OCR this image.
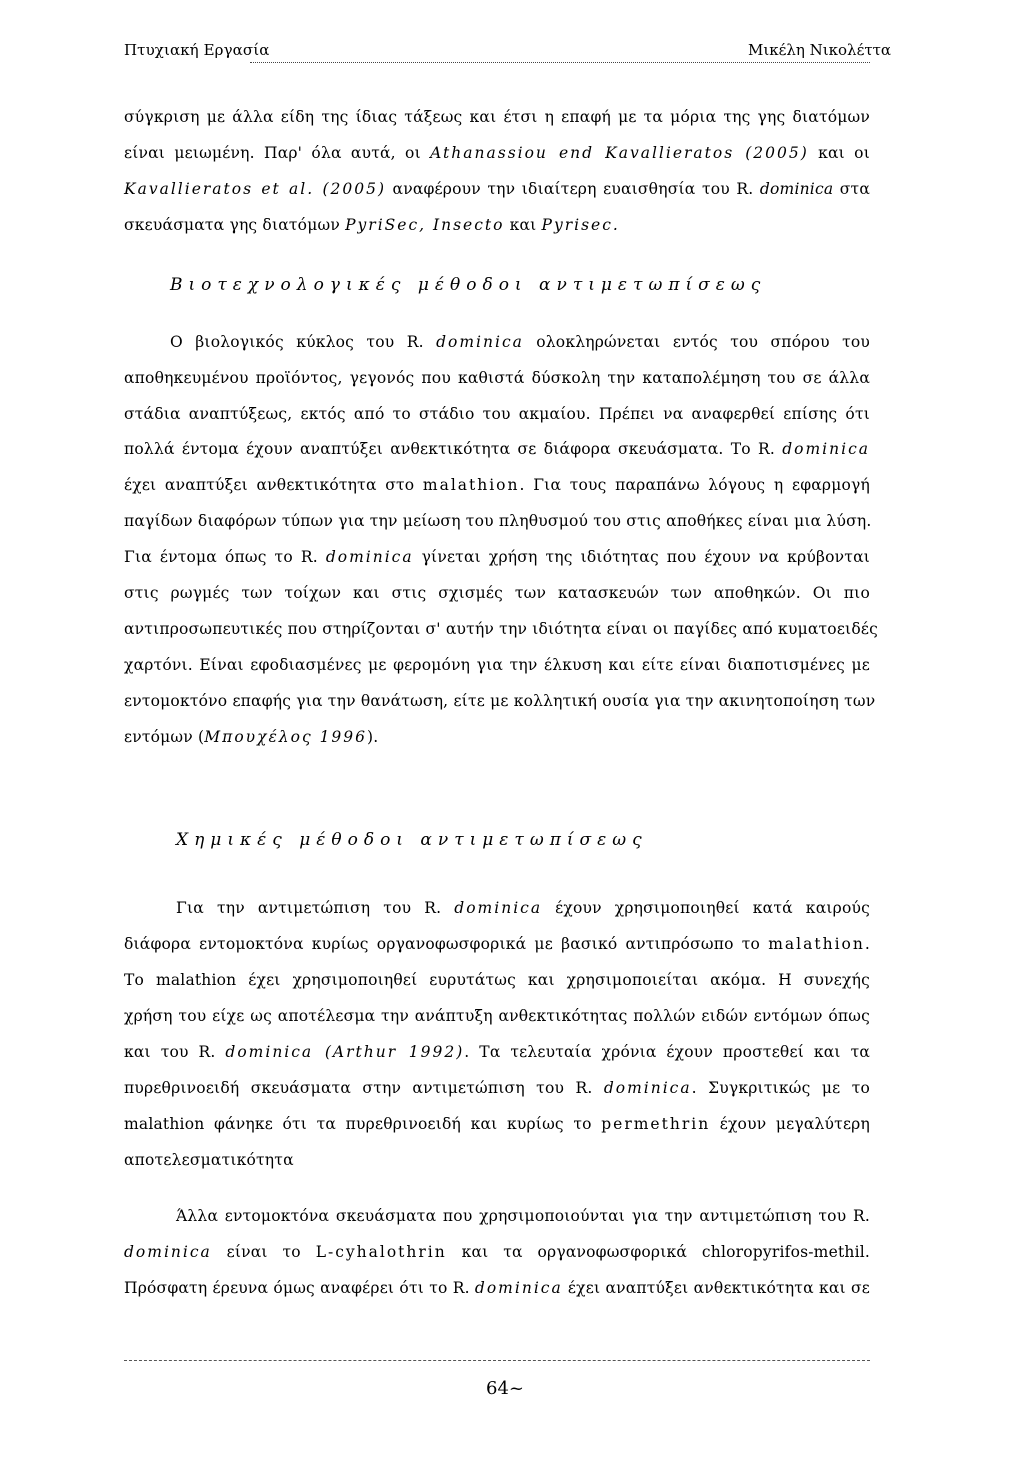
Πτυχιακή Εργασία	Μικέλη Νικολέττα
σύγκριση με άλλα είδη της ίδιας τάξεως και έτσι η επαφή με τα μόρια της γης διατόμων
είναι μειωμένη. Παρ' όλα αυτά, οι Athanassiou end Kavallieratos (2005) και οι
Kavallieratos et al. (2005) αναφέρουν την ιδιαίτερη ευαισθησία του R. dominica στα
σκευάσματα γης διατόμων PyriSec, Insecto και Pyrisec.
Βιοτεχνολογικές μέθοδοι αντιμετωπίσεως
Ο βιολογικός κύκλος του R. dominica ολοκληρώνεται εντός του σπόρου του
αποθηκευμένου προϊόντος, γεγονός που καθιστά δύσκολη την καταπολέμηση του σε άλλα
στάδια αναπτύξεως, εκτός από το στάδιο του ακμαίου. Πρέπει να αναφερθεί επίσης ότι
πολλά έντομα έχουν αναπτύξει ανθεκτικότητα σε διάφορα σκευάσματα. Το R. dominica
έχει αναπτύξει ανθεκτικότητα στο malathion. Για τους παραπάνω λόγους η εφαρμογή
παγίδων διαφόρων τύπων για την μείωση του πληθυσμού του στις αποθήκες είναι μια λύση.
Για έντομα όπως το R. dominica γίνεται χρήση της ιδιότητας που έχουν να κρύβονται
στις ρωγμές των τοίχων και στις σχισμές των κατασκευών των αποθηκών. Οι πιο
αντιπροσωπευτικές που στηρίζονται σ' αυτήν την ιδιότητα είναι οι παγίδες από κυματοειδές
χαρτόνι. Είναι εφοδιασμένες με φερομόνη για την έλκυση και είτε είναι διαποτισμένες με
εντομοκτόνο επαφής για την θανάτωση, είτε με κολλητική ουσία για την ακινητοποίηση των
εντόμων (Μπουχέλος 1996).
Χημικές μέθοδοι αντιμετωπίσεως
Για την αντιμετώπιση του R. dominica έχουν χρησιμοποιηθεί κατά καιρούς
διάφορα εντομοκτόνα κυρίως οργανοφωσφορικά με βασικό αντιπρόσωπο το malathion.
Το malathion έχει χρησιμοποιηθεί ευρυτάτως και χρησιμοποιείται ακόμα. Η συνεχής
χρήση του είχε ως αποτέλεσμα την ανάπτυξη ανθεκτικότητας πολλών ειδών εντόμων όπως
και του R. dominica (Arthur 1992). Τα τελευταία χρόνια έχουν προστεθεί και τα
πυρεθρινοειδή σκευάσματα στην αντιμετώπιση του R. dominica. Συγκριτικώς με το
malathion φάνηκε ότι τα πυρεθρινοειδή και κυρίως το permethrin έχουν μεγαλύτερη
αποτελεσματικότητα
Άλλα εντομοκτόνα σκευάσματα που χρησιμοποιούνται για την αντιμετώπιση του R.
dominica είναι το L-cyhalothrin και τα οργανοφωσφορικά chloropyrifos-methil.
Πρόσφατη έρευνα όμως αναφέρει ότι το R. dominica έχει αναπτύξει ανθεκτικότητα και σε
64~
